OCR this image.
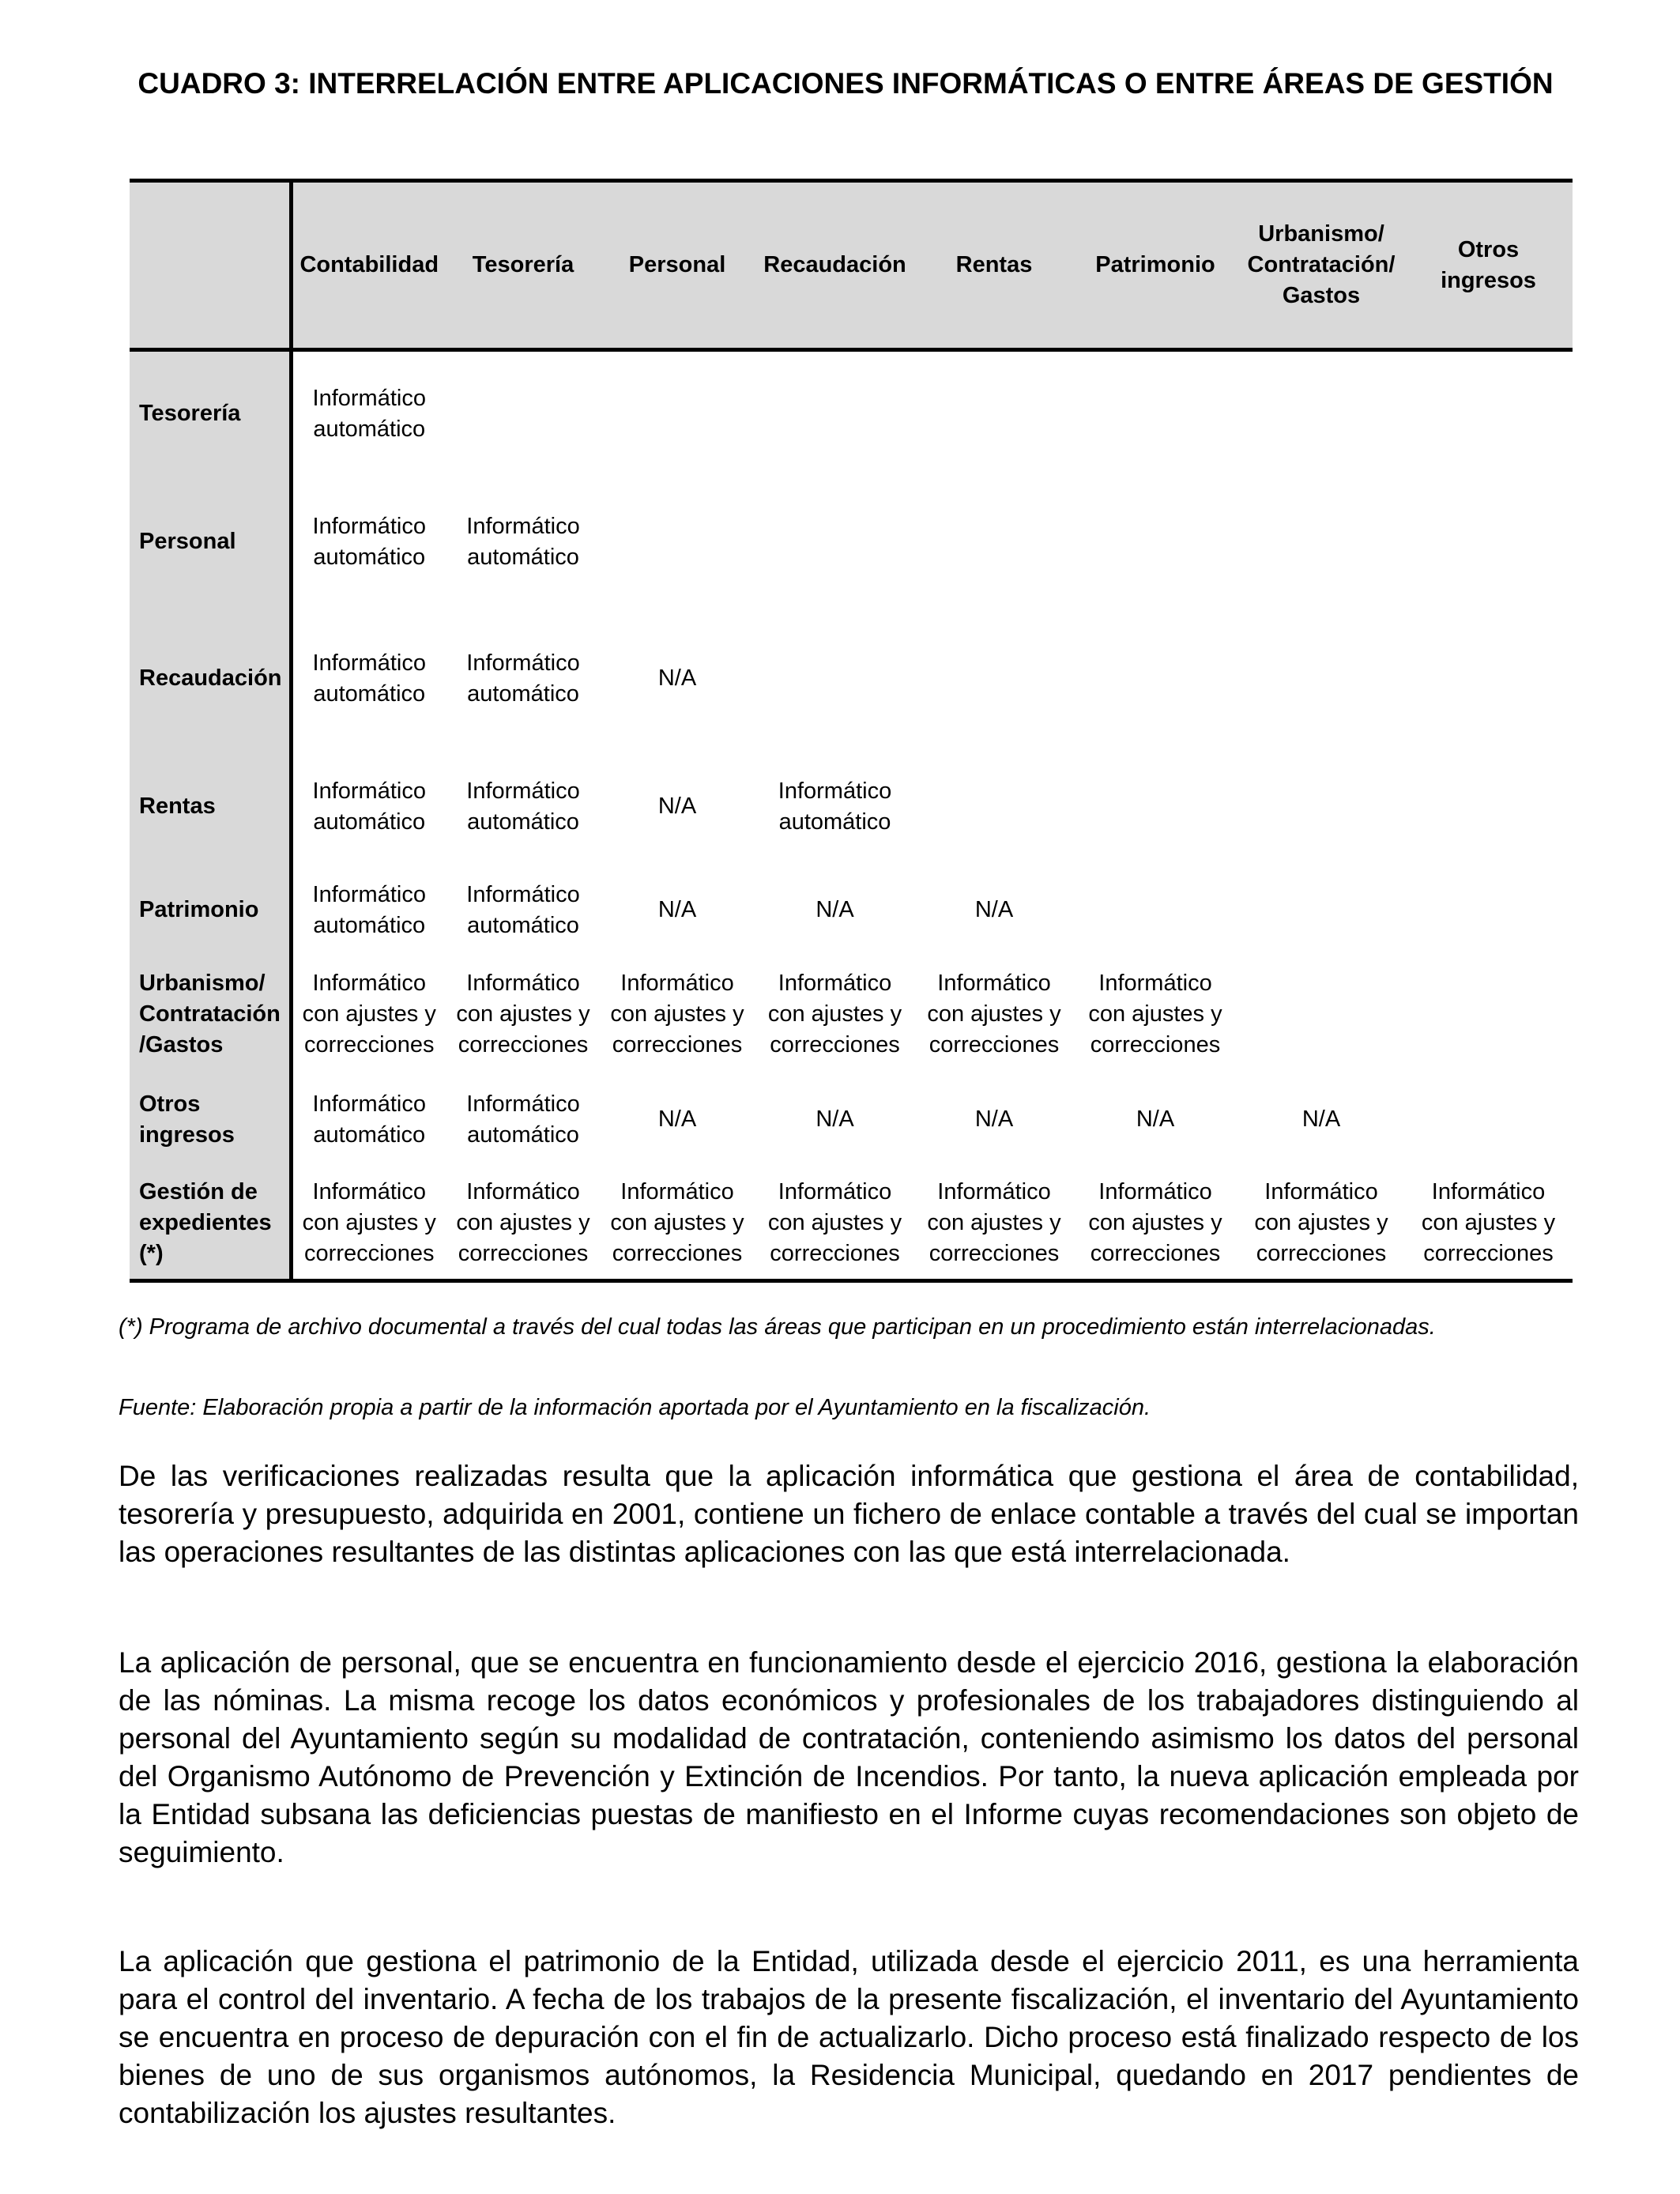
CUADRO 3: INTERRELACIÓN ENTRE APLICACIONES INFORMÁTICAS O ENTRE ÁREAS DE GESTIÓN

	Contabilidad	Tesorería	Personal	Recaudación	Rentas	Patrimonio	Urbanismo/
Contratación/
Gastos	Otros
ingresos

Tesorería	Informático
automático							

Personal	Informático
automático	Informático
automático						

Recaudación	Informático
automático	Informático
automático	N/A					

Rentas	Informático
automático	Informático
automático	N/A	Informático
automático				

Patrimonio	Informático
automático	Informático
automático	N/A	N/A	N/A			

Urbanismo/
Contratación
/Gastos	Informático
con ajustes y
correcciones	Informático
con ajustes y
correcciones	Informático
con ajustes y
correcciones	Informático
con ajustes y
correcciones	Informático
con ajustes y
correcciones	Informático
con ajustes y
correcciones		

Otros
ingresos	Informático
automático	Informático
automático	N/A	N/A	N/A	N/A	N/A	

Gestión de
expedientes
(*)	Informático
con ajustes y
correcciones	Informático
con ajustes y
correcciones	Informático
con ajustes y
correcciones	Informático
con ajustes y
correcciones	Informático
con ajustes y
correcciones	Informático
con ajustes y
correcciones	Informático
con ajustes y
correcciones	Informático
con ajustes y
correcciones

(*) Programa de archivo documental a través del cual todas las áreas que participan en un procedimiento están interrelacionadas.

Fuente: Elaboración propia a partir de la información aportada por el Ayuntamiento en la fiscalización.

De las verificaciones realizadas resulta que la aplicación informática que gestiona el área de contabilidad, tesorería y presupuesto, adquirida en 2001, contiene un fichero de enlace contable a través del cual se importan las operaciones resultantes de las distintas aplicaciones con las que está interrelacionada.

La aplicación de personal, que se encuentra en funcionamiento desde el ejercicio 2016, gestiona la elaboración de las nóminas. La misma recoge los datos económicos y profesionales de los trabajadores distinguiendo al personal del Ayuntamiento según su modalidad de contratación, conteniendo asimismo los datos del personal del Organismo Autónomo de Prevención y Extinción de Incendios. Por tanto, la nueva aplicación empleada por la Entidad subsana las deficiencias puestas de manifiesto en el Informe cuyas recomendaciones son objeto de seguimiento.

La aplicación que gestiona el patrimonio de la Entidad, utilizada desde el ejercicio 2011, es una herramienta para el control del inventario. A fecha de los trabajos de la presente fiscalización, el inventario del Ayuntamiento se encuentra en proceso de depuración con el fin de actualizarlo. Dicho proceso está finalizado respecto de los bienes de uno de sus organismos autónomos, la Residencia Municipal, quedando en 2017 pendientes de contabilización los ajustes resultantes.
